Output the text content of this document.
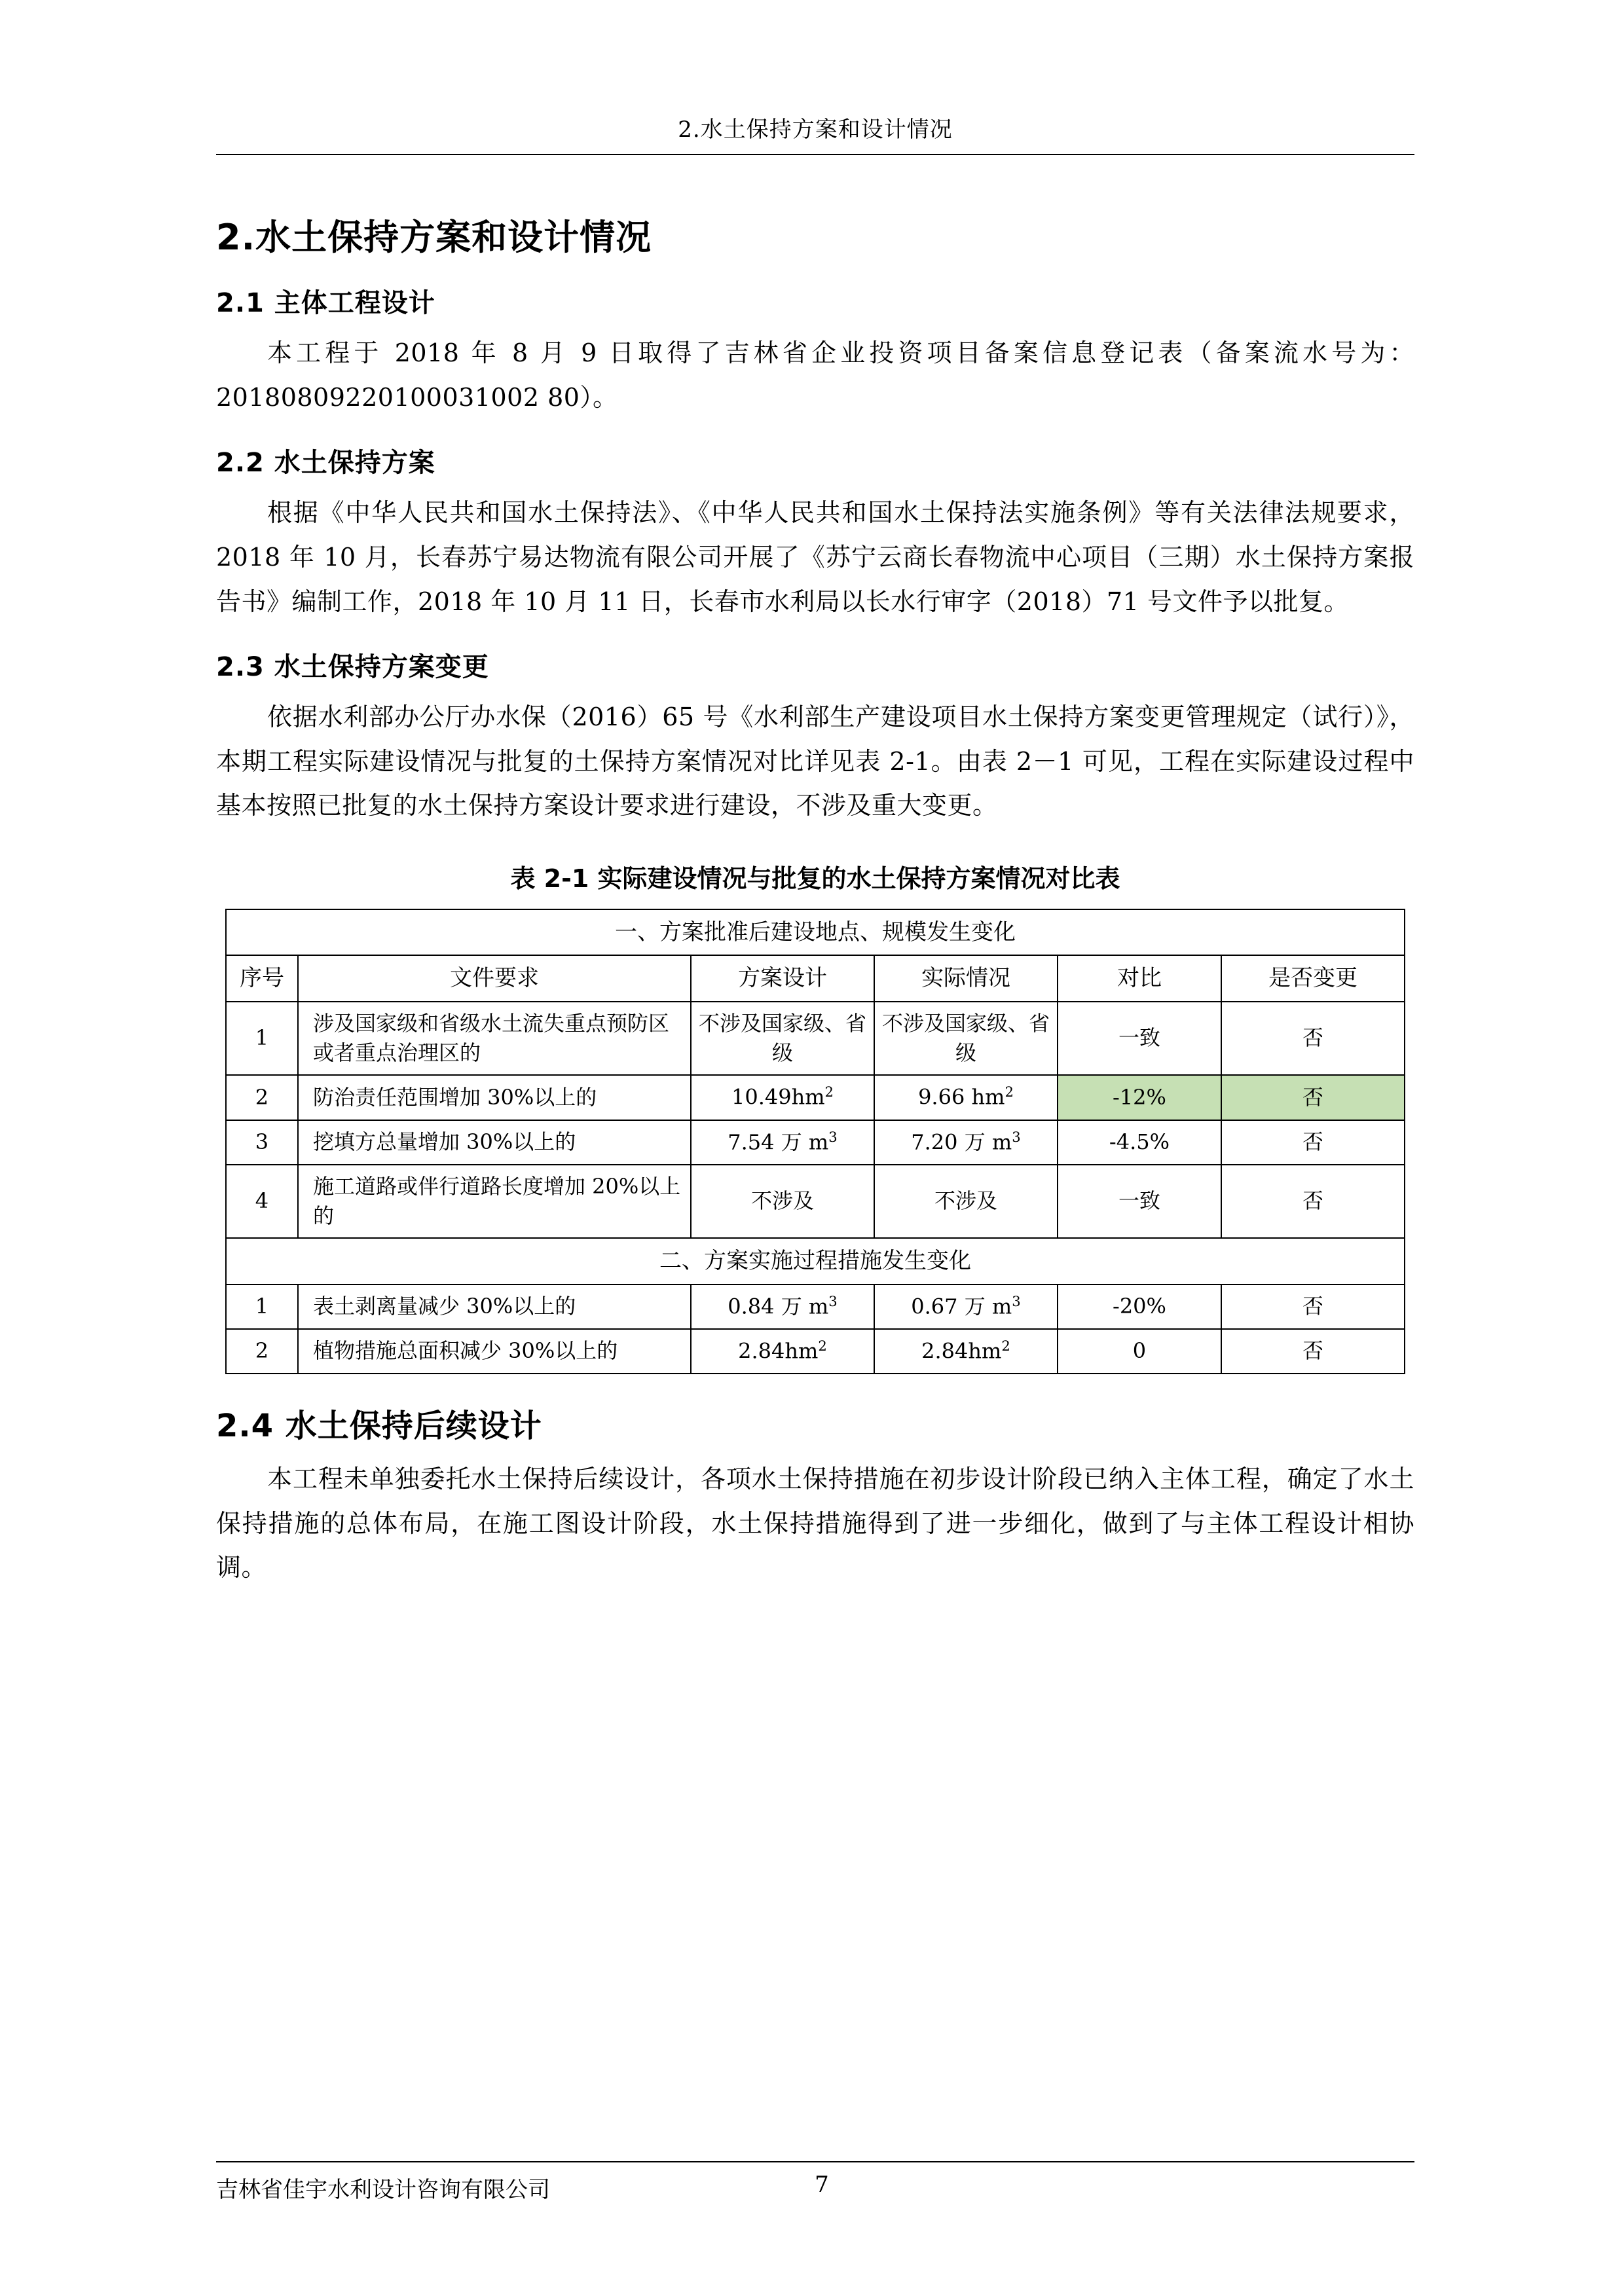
2.水土保持方案和设计情况
2.水土保持方案和设计情况
2.1 主体工程设计

本工程于 2018 年 8 月 9 日取得了吉林省企业投资项目备案信息登记表（备案流水号为：20180809220100031002 80）。

2.2 水土保持方案

根据《中华人民共和国水土保持法》、《中华人民共和国水土保持法实施条例》等有关法律法规要求，2018 年 10 月，长春苏宁易达物流有限公司开展了《苏宁云商长春物流中心项目（三期）水土保持方案报告书》编制工作，2018 年 10 月 11 日，长春市水利局以长水行审字（2018）71 号文件予以批复。

2.3 水土保持方案变更

依据水利部办公厅办水保（2016）65 号《水利部生产建设项目水土保持方案变更管理规定（试行）》，本期工程实际建设情况与批复的土保持方案情况对比详见表 2-1。由表 2－1 可见，工程在实际建设过程中基本按照已批复的水土保持方案设计要求进行建设，不涉及重大变更。

表 2-1 实际建设情况与批复的水土保持方案情况对比表
一、方案批准后建设地点、规模发生变化					
序号	文件要求	方案设计	实际情况	对比	是否变更
1	涉及国家级和省级水土流失重点预防区或者重点治理区的	不涉及国家级、省级	不涉及国家级、省级	一致	否
2	防治责任范围增加 30%以上的	$10.49hm^2$	9.66 $hm^2$	-12%	否
3	挖填方总量增加 30%以上的	7.54 万 $m^3$	7.20 万 $m^3$	-4.5%	否
4	施工道路或伴行道路长度增加 20%以上的	不涉及	不涉及	一致	否
二、方案实施过程措施发生变化					
1	表土剥离量减少 30%以上的	0.84 万 $m^3$	0.67 万 $m^3$	-20%	否
2	植物措施总面积减少 30%以上的	$2.84hm^2$	$2.84hm^2$	0	否
2.4 水土保持后续设计

本工程未单独委托水土保持后续设计，各项水土保持措施在初步设计阶段已纳入主体工程，确定了水土保持措施的总体布局，在施工图设计阶段，水土保持措施得到了进一步细化，做到了与主体工程设计相协调。

吉林省佳宇水利设计咨询有限公司	7
